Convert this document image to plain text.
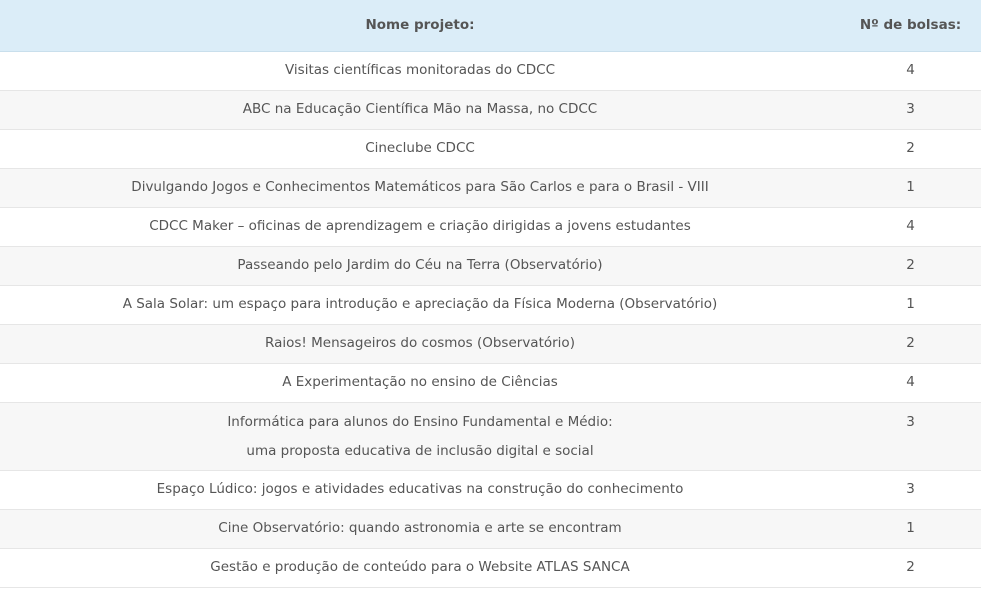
Nome projeto:	Nº de bolsas:
Visitas científicas monitoradas do CDCC	4
ABC na Educação Científica Mão na Massa, no CDCC	3
Cineclube CDCC	2
Divulgando Jogos e Conhecimentos Matemáticos para São Carlos e para o Brasil - VIII	1
CDCC Maker – oficinas de aprendizagem e criação dirigidas a jovens estudantes	4
Passeando pelo Jardim do Céu na Terra (Observatório)	2
A Sala Solar: um espaço para introdução e apreciação da Física Moderna (Observatório)	1
Raios! Mensageiros do cosmos (Observatório)	2
A Experimentação no ensino de Ciências	4

Informática para alunos do Ensino Fundamental e Médio:
uma proposta educativa de inclusão digital e social	3
Espaço Lúdico: jogos e atividades educativas na construção do conhecimento	3
Cine Observatório: quando astronomia e arte se encontram	1
Gestão e produção de conteúdo para o Website ATLAS SANCA	2
